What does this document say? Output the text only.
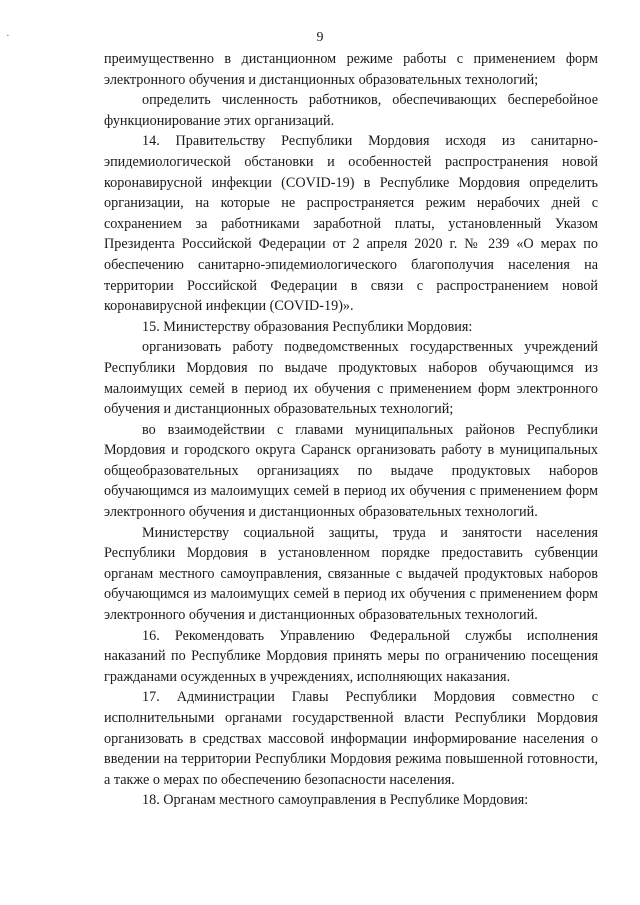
·	9

преимущественно в дистанционном режиме работы с применением форм электронного обучения и дистанционных образовательных технологий;

определить численность работников, обеспечивающих бесперебойное функционирование этих организаций.

14. Правительству Республики Мордовия исходя из санитарно-эпидемиологической обстановки и особенностей распространения новой коронавирусной инфекции (COVID-19) в Республике Мордовия определить организации, на которые не распространяется режим нерабочих дней с сохранением за работниками заработной платы, установленный Указом Президента Российской Федерации от 2 апреля 2020 г. № 239 «О мерах по обеспечению санитарно-эпидемиологического благополучия населения на территории Российской Федерации в связи с распространением новой коронавирусной инфекции (COVID-19)».

15. Министерству образования Республики Мордовия:

организовать работу подведомственных государственных учреждений Республики Мордовия по выдаче продуктовых наборов обучающимся из малоимущих семей в период их обучения с применением форм электронного обучения и дистанционных образовательных технологий;

во взаимодействии с главами муниципальных районов Республики Мордовия и городского округа Саранск организовать работу в муниципальных общеобразовательных организациях по выдаче продуктовых наборов обучающимся из малоимущих семей в период их обучения с применением форм электронного обучения и дистанционных образовательных технологий.

Министерству социальной защиты, труда и занятости населения Республики Мордовия в установленном порядке предоставить субвенции органам местного самоуправления, связанные с выдачей продуктовых наборов обучающимся из малоимущих семей в период их обучения с применением форм электронного обучения и дистанционных образовательных технологий.

16. Рекомендовать Управлению Федеральной службы исполнения наказаний по Республике Мордовия принять меры по ограничению посещения гражданами осужденных в учреждениях, исполняющих наказания.

17. Администрации Главы Республики Мордовия совместно с исполнительными органами государственной власти Республики Мордовия организовать в средствах массовой информации информирование населения о введении на территории Республики Мордовия режима повышенной готовности, а также о мерах по обеспечению безопасности населения.

18. Органам местного самоуправления в Республике Мордовия:
